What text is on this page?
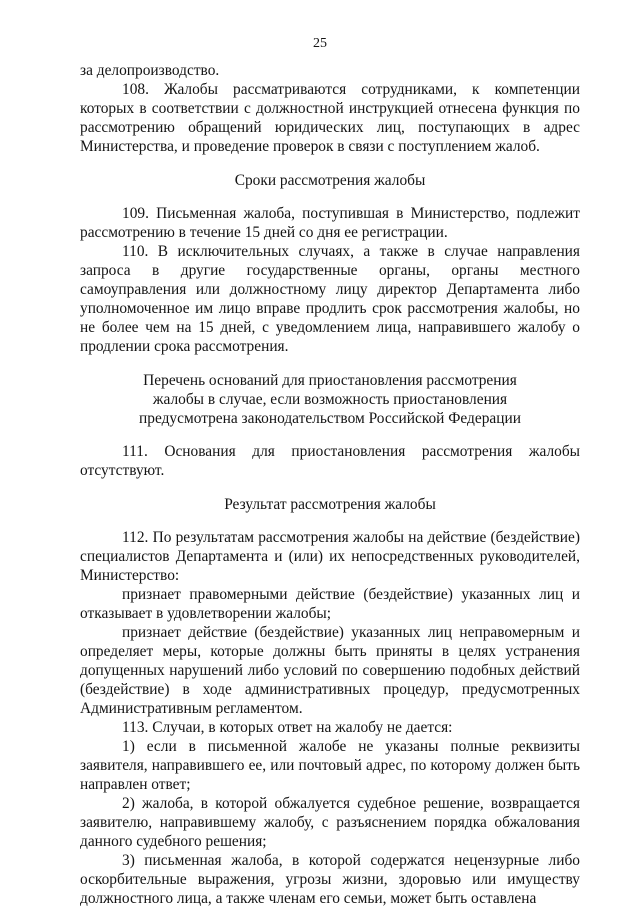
25

за делопроизводство.

108. Жалобы рассматриваются сотрудниками, к компетенции которых в соответствии с должностной инструкцией отнесена функция по рассмотрению обращений юридических лиц, поступающих в адрес Министерства, и проведение проверок в связи с поступлением жалоб.

Сроки рассмотрения жалобы

109. Письменная жалоба, поступившая в Министерство, подлежит рассмотрению в течение 15 дней со дня ее регистрации.

110. В исключительных случаях, а также в случае направления запроса в другие государственные органы, органы местного самоуправления или должностному лицу директор Департамента либо уполномоченное им лицо вправе продлить срок рассмотрения жалобы, но не более чем на 15 дней, с уведомлением лица, направившего жалобу о продлении срока рассмотрения.

Перечень оснований для приостановления рассмотрения жалобы в случае, если возможность приостановления предусмотрена законодательством Российской Федерации

111. Основания для приостановления рассмотрения жалобы отсутствуют.

Результат рассмотрения жалобы

112. По результатам рассмотрения жалобы на действие (бездействие) специалистов Департамента и (или) их непосредственных руководителей, Министерство:

признает правомерными действие (бездействие) указанных лиц и отказывает в удовлетворении жалобы;

признает действие (бездействие) указанных лиц неправомерным и определяет меры, которые должны быть приняты в целях устранения допущенных нарушений либо условий по совершению подобных действий (бездействие) в ходе административных процедур, предусмотренных Административным регламентом.

113. Случаи, в которых ответ на жалобу не дается:

1) если в письменной жалобе не указаны полные реквизиты заявителя, направившего ее, или почтовый адрес, по которому должен быть направлен ответ;

2) жалоба, в которой обжалуется судебное решение, возвращается заявителю, направившему жалобу, с разъяснением порядка обжалования данного судебного решения;

3) письменная жалоба, в которой содержатся нецензурные либо оскорбительные выражения, угрозы жизни, здоровью или имуществу должностного лица, а также членам его семьи, может быть оставлена
